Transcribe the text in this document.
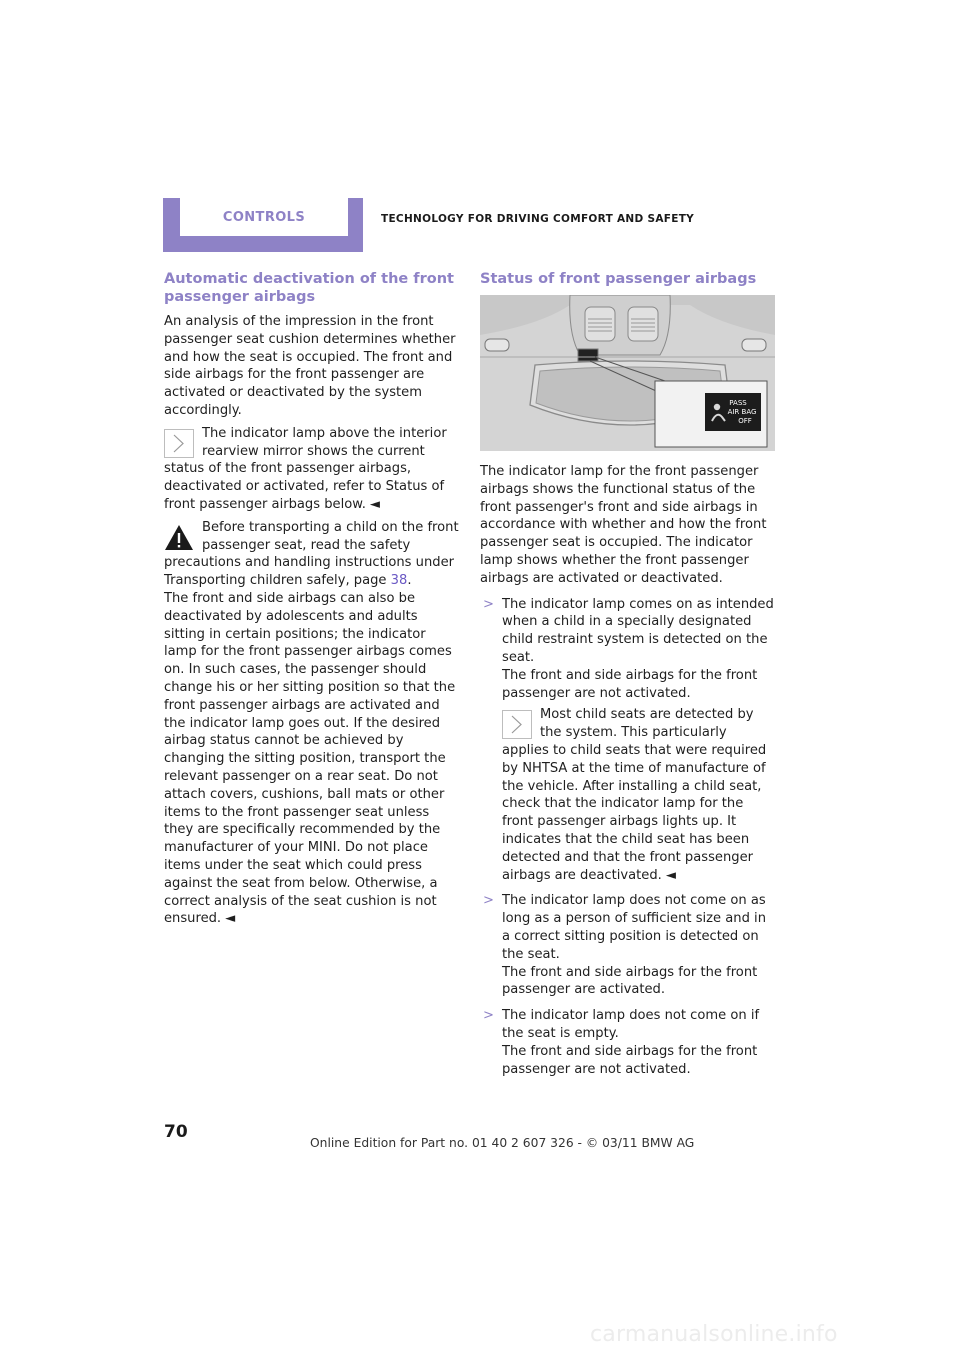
CONTROLS	TECHNOLOGY FOR DRIVING COMFORT AND SAFETY
Automatic deactivation of the front passenger airbags

An analysis of the impression in the front passenger seat cushion determines whether and how the seat is occupied. The front and side airbags for the front passenger are activated or deactivated by the system accordingly.

The indicator lamp above the interior rearview mirror shows the current status of the front passenger airbags, deactivated or activated, refer to Status of front passenger airbags below. ◄

Before transporting a child on the front passenger seat, read the safety precautions and handling instructions under Transporting children safely, page 38.

The front and side airbags can also be deactivated by adolescents and adults sitting in certain positions; the indicator lamp for the front passenger airbags comes on. In such cases, the passenger should change his or her sitting position so that the front passenger airbags are activated and the indicator lamp goes out. If the desired airbag status cannot be achieved by changing the sitting position, transport the relevant passenger on a rear seat. Do not attach covers, cushions, ball mats or other items to the front passenger seat unless they are specifically recommended by the manufacturer of your MINI. Do not place items under the seat which could press against the seat from below. Otherwise, a correct analysis of the seat cushion is not ensured. ◄

Status of front passenger airbags
PASS
AIR BAG
OFF

The indicator lamp for the front passenger airbags shows the functional status of the front passenger's front and side airbags in accordance with whether and how the front passenger seat is occupied. The indicator lamp shows whether the front passenger airbags are activated or deactivated.

> The indicator lamp comes on as intended when a child in a specially designated child restraint system is detected on the seat.

The front and side airbags for the front passenger are not activated.

Most child seats are detected by the system. This particularly applies to child seats that were required by NHTSA at the time of manufacture of the vehicle. After installing a child seat, check that the indicator lamp for the front passenger airbags lights up. It indicates that the child seat has been detected and that the front passenger airbags are deactivated. ◄

> The indicator lamp does not come on as long as a person of sufficient size and in a correct sitting position is detected on the seat.

The front and side airbags for the front passenger are activated.

> The indicator lamp does not come on if the seat is empty.

The front and side airbags for the front passenger are not activated.

70
Online Edition for Part no. 01 40 2 607 326 - © 03/11 BMW AG
carmanualsonline.info
